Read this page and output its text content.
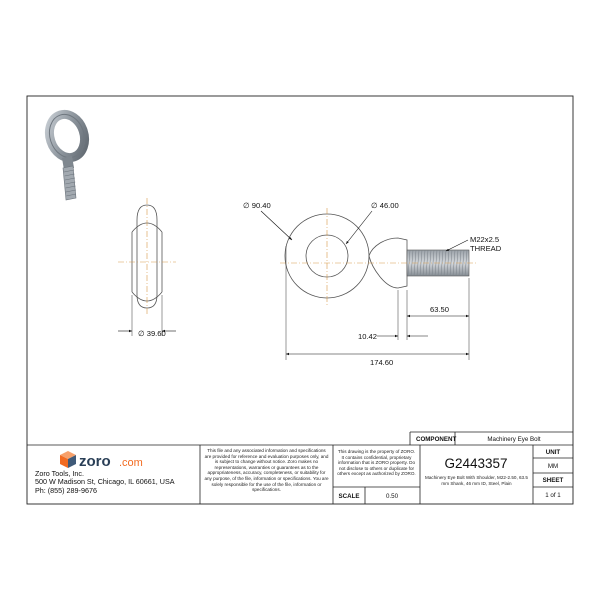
∅ 39.60
∅ 90.40	∅ 46.00
M22x2.5
THREAD
63.50
10.42
174.60
zoro .com
COMPONENT	Machinery Eye Bolt
G2443357
UNIT
MM
SHEET
1 of 1
SCALE	0.50
Zoro Tools, Inc.
500 W Madison St, Chicago, IL 60661, USA
Ph: (855) 289-9676
This file and any associated information and specifications are provided for reference and evaluation purposes only, and is subject to change without notice. Zoro makes no representations, warranties or guarantees as to the appropriateness, accuracy, completeness, or suitability for any purpose, of the file, information or specifications. You are solely responsible for the use of the file, information or specifications.
This drawing is the property of ZORO. It contains confidential, proprietary information that is ZORO property. Do not disclose to others or duplicate for others except as authorized by ZORO.
Machinery Eye Bolt With Shoulder, M22-2.50, 63.5 mm Shank, 46 mm ID, Steel, Plain
